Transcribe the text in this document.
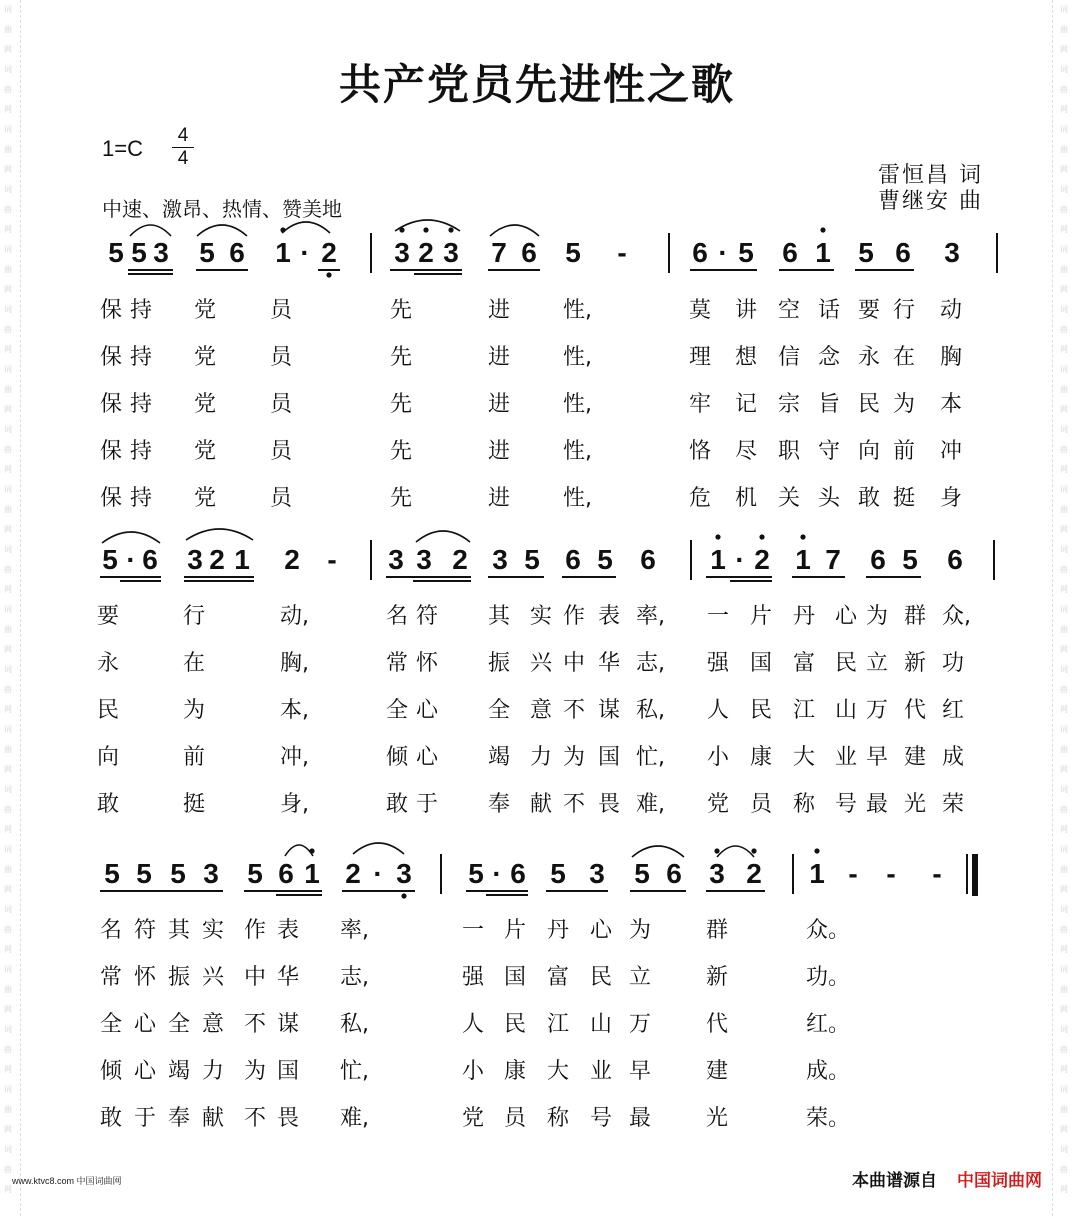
词曲网词曲网词曲网词曲网词曲网词曲网词曲网词曲网词曲网词曲网词曲网词曲网词曲网词曲网词曲网词曲网词曲网词曲网词曲网词曲网
词曲网词曲网词曲网词曲网词曲网词曲网词曲网词曲网词曲网词曲网词曲网词曲网词曲网词曲网词曲网词曲网词曲网词曲网词曲网词曲网
共产党员先进性之歌
1=C
4
4
中速、激昂、热情、赞美地
雷恒昌 词
曹继安 曲
5 5 3 5 6 1 · 2 3 2 3 7 6 5 - 6 · 5 6 1 5 6 3
保持 党 员	先	进 性,	莫 讲 空 话 要 行 动
保持 党 员	先	进 性,	理 想 信 念 永 在 胸
保持 党 员	先	进 性,	牢 记 宗 旨 民 为 本
保持 党 员	先	进 性,	恪 尽 职 守 向 前 冲
保持 党 员	先	进 性,	危 机 关 头 敢 挺 身
5 · 6 3 2 1 2 - 3 3 2 3 5 6 5 6 1 · 2 1 7 6 5 6
要	行	动,	名符 其 实 作 表 率, 一 片 丹 心 为 群 众,
永	在	胸,	常怀 振 兴 中 华 志, 强 国 富 民 立 新 功
民	为	本,	全心 全 意 不 谋 私, 人 民 江 山 万 代 红
向	前	冲,	倾心 竭 力 为 国 忙, 小 康 大 业 早 建 成
敢	挺	身,	敢于 奉 献 不 畏 难, 党 员 称 号 最 光 荣
5 5 5 3 5 6 1 2 · 3 5 · 6 5 3 5 6 3 2 1 - - -
名 符 其 实 作 表 率,	一 片 丹 心 为 群	众。
常 怀 振 兴 中 华 志,	强 国 富 民 立 新	功。
全 心 全 意 不 谋 私,	人 民 江 山 万 代	红。
倾 心 竭 力 为 国 忙,	小 康 大 业 早 建	成。
敢 于 奉 献 不 畏 难,	党 员 称 号 最 光	荣。
www.ktvc8.com 中国词曲网	本曲谱源自 中国词曲网
